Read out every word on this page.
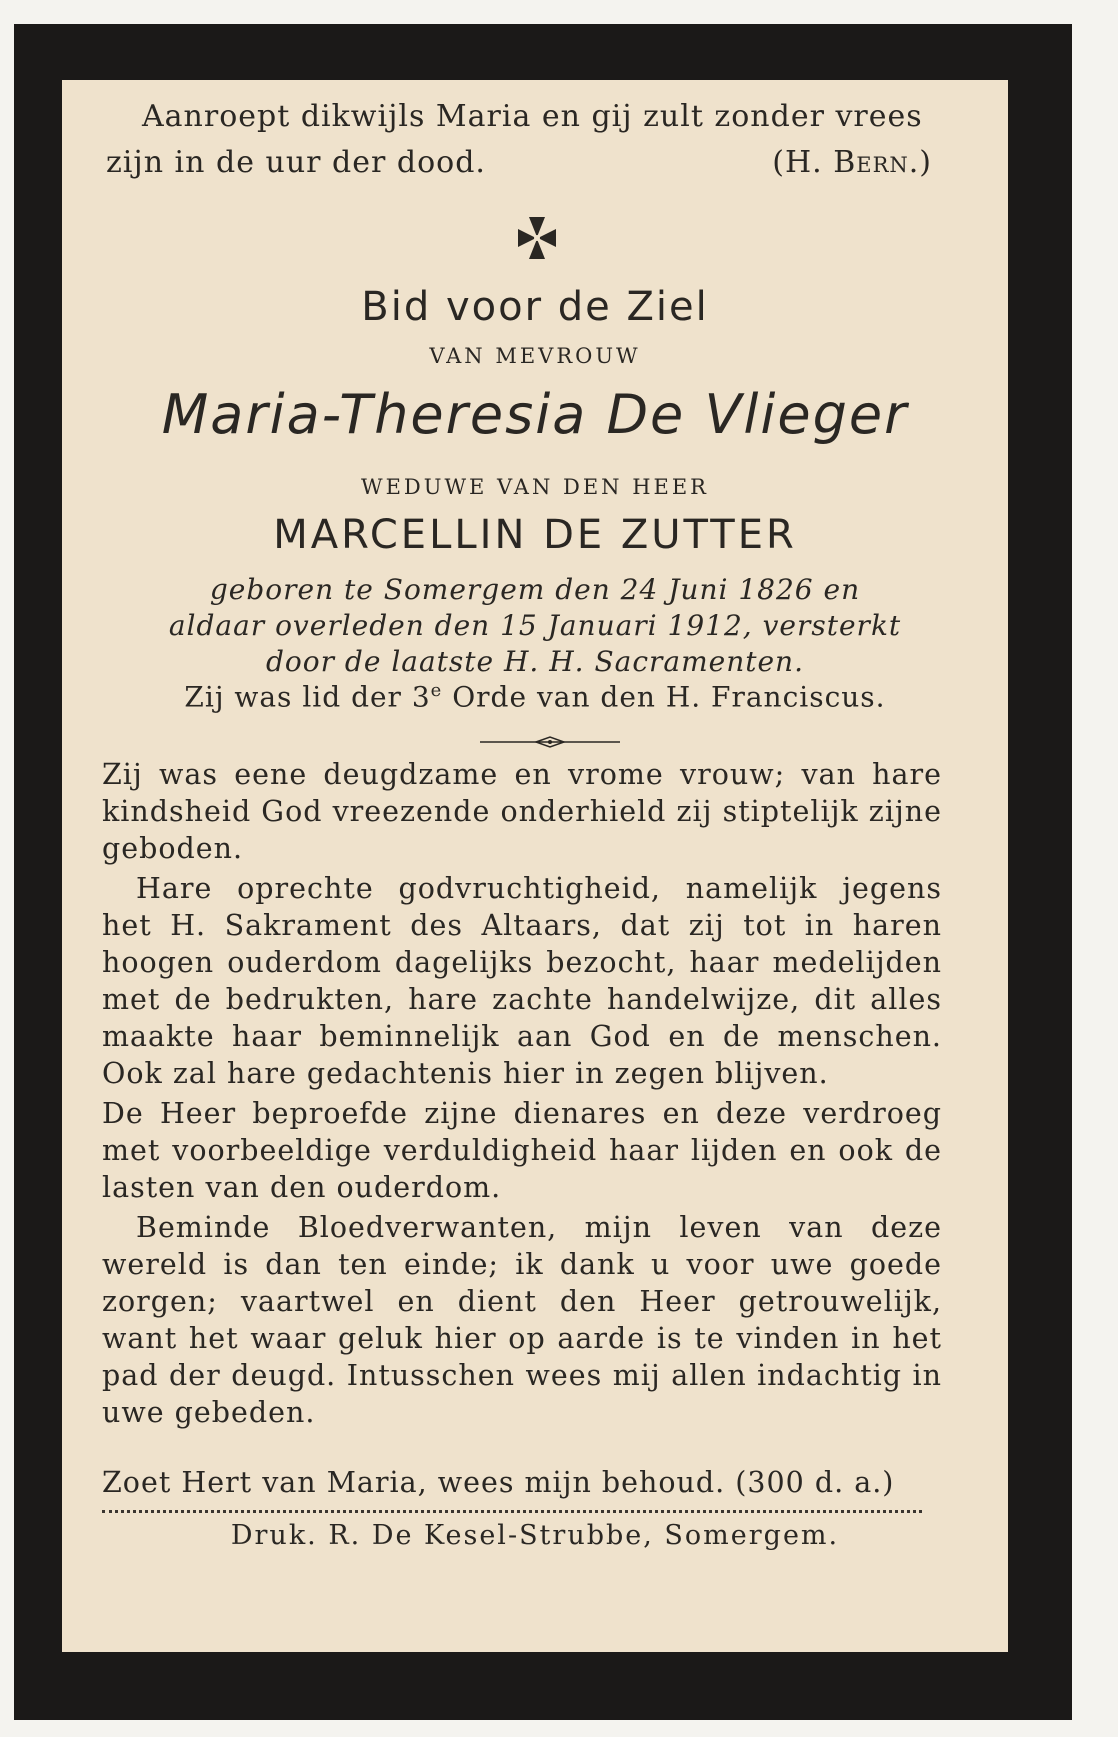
Aanroept dikwijls Maria en gij zult zonder vrees
zijn in de uur der dood.	(H. Bern.)
Bid voor de Ziel
VAN MEVROUW
Maria-Theresia De Vlieger
WEDUWE VAN DEN HEER
MARCELLIN DE ZUTTER
geboren te Somergem den 24 Juni 1826 en
aldaar overleden den 15 Januari 1912, versterkt
door de laatste H. H. Sacramenten.
Zij was lid der 3e Orde van den H. Franciscus.

Zij was eene deugdzame en vrome vrouw; van hare kindsheid God vreezende onderhield zij stiptelijk zijne geboden.

Hare oprechte godvruchtigheid, namelijk jegens het H. Sakrament des Altaars, dat zij tot in haren hoogen ouderdom dagelijks bezocht, haar medelijden met de bedrukten, hare zachte handelwijze, dit alles maakte haar beminnelijk aan God en de menschen. Ook zal hare gedachtenis hier in zegen blijven.

De Heer beproefde zijne dienares en deze verdroeg met voorbeeldige verduldigheid haar lijden en ook de lasten van den ouderdom.

Beminde Bloedverwanten, mijn leven van deze wereld is dan ten einde; ik dank u voor uwe goede zorgen; vaartwel en dient den Heer getrouwelijk, want het waar geluk hier op aarde is te vinden in het pad der deugd. Intusschen wees mij allen indachtig in uwe gebeden.

Zoet Hert van Maria, wees mijn behoud. (300 d. a.)
Druk. R. De Kesel-Strubbe, Somergem.
